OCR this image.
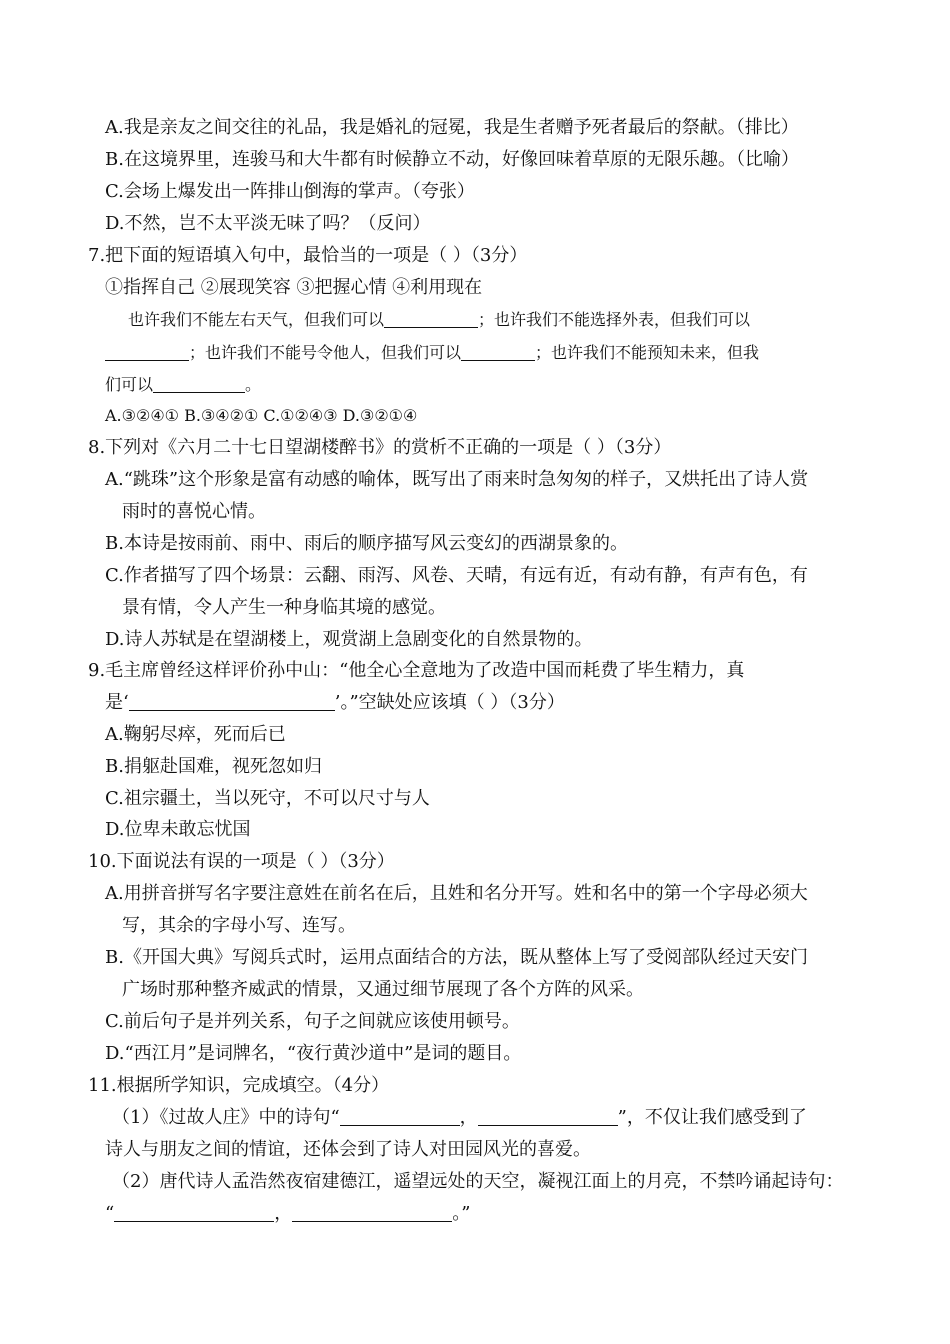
A.我是亲友之间交往的礼品，我是婚礼的冠冕，我是生者赠予死者最后的祭献。（排比）
B.在这境界里，连骏马和大牛都有时候静立不动，好像回味着草原的无限乐趣。（比喻）
C.会场上爆发出一阵排山倒海的掌声。（夸张）
D.不然，岂不太平淡无味了吗？（反问）
7.把下面的短语填入句中，最恰当的一项是（ ）（3分）
①指挥自己 ②展现笑容 ③把握心情 ④利用现在
也许我们不能左右天气，但我们可以	；也许我们不能选择外表，但我们可以
；也许我们不能号令他人，但我们可以	；也许我们不能预知未来，但我
们可以	。
A.③②④① B.③④②① C.①②④③ D.③②①④
8.下列对《六月二十七日望湖楼醉书》的赏析不正确的一项是（ ）（3分）
A.“跳珠”这个形象是富有动感的喻体，既写出了雨来时急匆匆的样子，又烘托出了诗人赏
雨时的喜悦心情。
B.本诗是按雨前、雨中、雨后的顺序描写风云变幻的西湖景象的。
C.作者描写了四个场景：云翻、雨泻、风卷、天晴，有远有近，有动有静，有声有色，有
景有情，令人产生一种身临其境的感觉。
D.诗人苏轼是在望湖楼上，观赏湖上急剧变化的自然景物的。
9.毛主席曾经这样评价孙中山：“他全心全意地为了改造中国而耗费了毕生精力，真
是‘	’。”空缺处应该填（ ）（3分）
A.鞠躬尽瘁，死而后已
B.捐躯赴国难，视死忽如归
C.祖宗疆土，当以死守，不可以尺寸与人
D.位卑未敢忘忧国
10.下面说法有误的一项是（ ）（3分）
A.用拼音拼写名字要注意姓在前名在后，且姓和名分开写。姓和名中的第一个字母必须大
写，其余的字母小写、连写。
B.《开国大典》写阅兵式时，运用点面结合的方法，既从整体上写了受阅部队经过天安门
广场时那种整齐威武的情景，又通过细节展现了各个方阵的风采。
C.前后句子是并列关系，句子之间就应该使用顿号。
D.“西江月”是词牌名，“夜行黄沙道中”是词的题目。
11.根据所学知识，完成填空。（4分）
（1）《过故人庄》中的诗句“	，	”，不仅让我们感受到了
诗人与朋友之间的情谊，还体会到了诗人对田园风光的喜爱。
（2）唐代诗人孟浩然夜宿建德江，遥望远处的天空，凝视江面上的月亮，不禁吟诵起诗句：
“	，	。”
